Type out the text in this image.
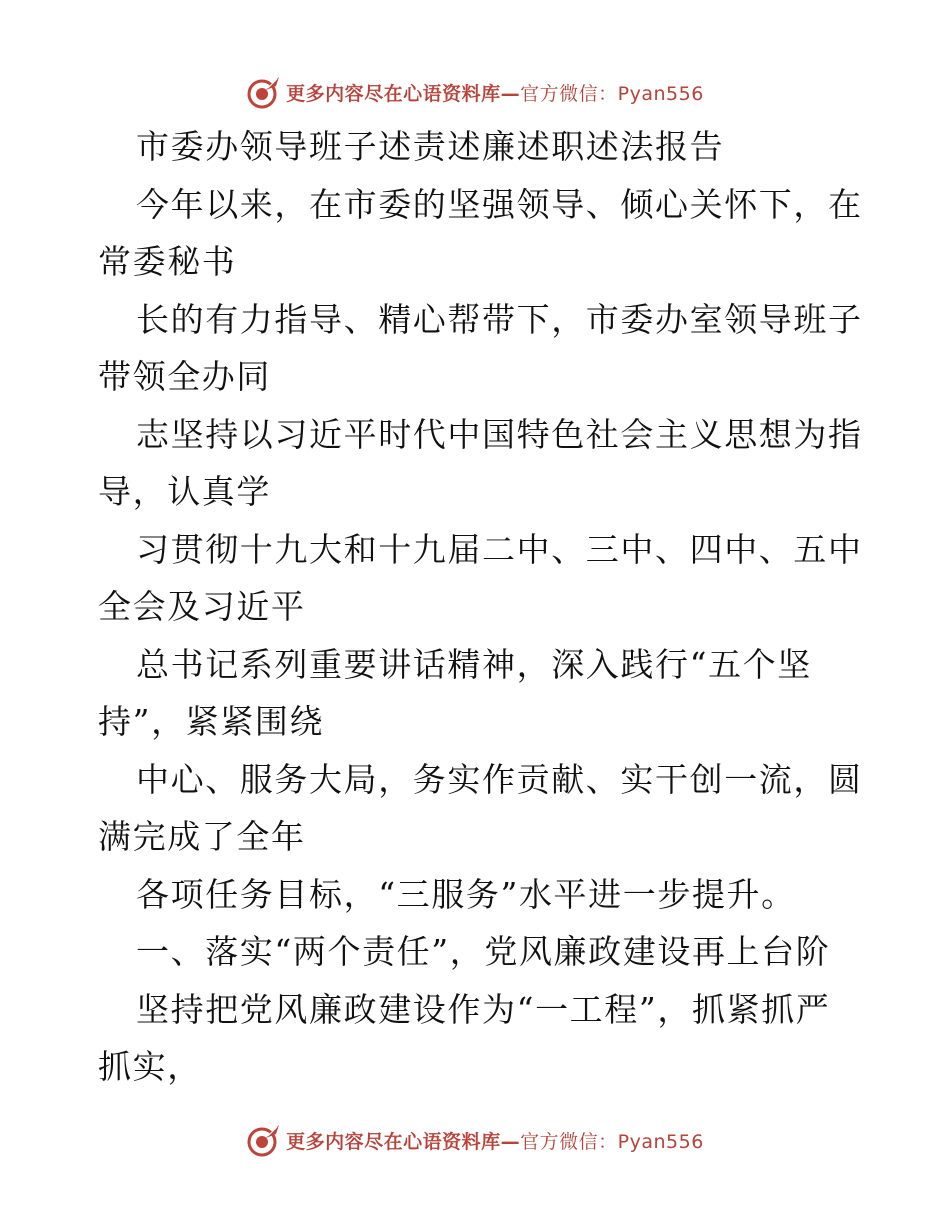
更多内容尽在心语资料库—官方微信：Pyan556
市委办领导班子述责述廉述职述法报告
今年以来，在市委的坚强领导、倾心关怀下，在
常委秘书
长的有力指导、精心帮带下，市委办室领导班子
带领全办同
志坚持以习近平时代中国特色社会主义思想为指
导，认真学
习贯彻十九大和十九届二中、三中、四中、五中
全会及习近平
总书记系列重要讲话精神，深入践行“五个坚
持”，紧紧围绕
中心、服务大局，务实作贡献、实干创一流，圆
满完成了全年
各项任务目标，“三服务”水平进一步提升。
一、落实“两个责任”，党风廉政建设再上台阶
坚持把党风廉政建设作为“一工程”，抓紧抓严
抓实，
更多内容尽在心语资料库—官方微信：Pyan556
